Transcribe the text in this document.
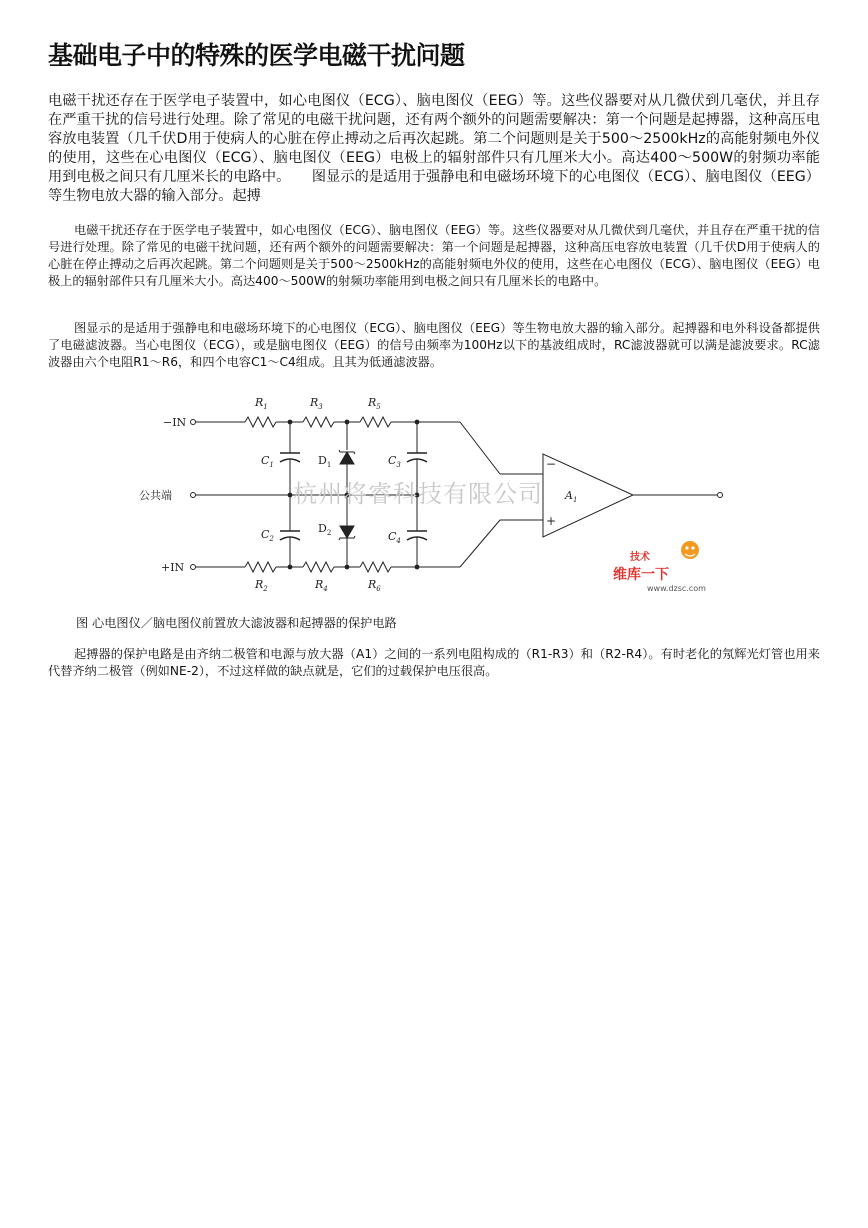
基础电子中的特殊的医学电磁干扰问题

电磁干扰还存在于医学电子装置中，如心电图仪（ECG）、脑电图仪（EEG）等。这些仪器要对从几微伏到几毫伏，并且存在严重干扰的信号进行处理。除了常见的电磁干扰问题，还有两个额外的问题需要解决：第一个问题是起搏器，这种高压电容放电装置（几千伏D用于使病人的心脏在停止搏动之后再次起跳。第二个问题则是关于500～2500kHz的高能射频电外仪的使用，这些在心电图仪（ECG）、脑电图仪（EEG）电极上的辐射部件只有几厘米大小。高达400～500W的射频功率能用到电极之间只有几厘米长的电路中。　　图显示的是适用于强静电和电磁场环境下的心电图仪（ECG）、脑电图仪（EEG）等生物电放大器的输入部分。起搏

电磁干扰还存在于医学电子装置中，如心电图仪（ECG）、脑电图仪（EEG）等。这些仪器要对从几微伏到几毫伏，并且存在严重干扰的信号进行处理。除了常见的电磁干扰问题，还有两个额外的问题需要解决：第一个问题是起搏器，这种高压电容放电装置（几千伏D用于使病人的心脏在停止搏动之后再次起跳。第二个问题则是关于500～2500kHz的高能射频电外仪的使用，这些在心电图仪（ECG）、脑电图仪（EEG）电极上的辐射部件只有几厘米大小。高达400～500W的射频功率能用到电极之间只有几厘米长的电路中。

图显示的是适用于强静电和电磁场环境下的心电图仪（ECG）、脑电图仪（EEG）等生物电放大器的输入部分。起搏器和电外科设备都提供了电磁滤波器。当心电图仪（ECG），或是脑电图仪（EEG）的信号由频率为100Hz以下的基波组成时，RC滤波器就可以满是滤波要求。RC滤波器由六个电阻R1～R6，和四个电容C1～C4组成。且其为低通滤波器。

−IN
公共端
+IN
$R_1$	$R_3$	$R_5$
$R_2$	$R_4$	$R_6$
$C_1$
$C_2$
$C_3$
$C_4$
$D_1$
$D_2$
$A_1$
−
+
杭州将睿科技有限公司
技术
维库一下
www.dzsc.com

图 心电图仪／脑电图仪前置放大滤波器和起搏器的保护电路

起搏器的保护电路是由齐纳二极管和电源与放大器（A1）之间的一系列电阻构成的（R1-R3）和（R2-R4）。有时老化的氖辉光灯管也用来代替齐纳二极管（例如NE-2），不过这样做的缺点就是，它们的过载保护电压很高。
